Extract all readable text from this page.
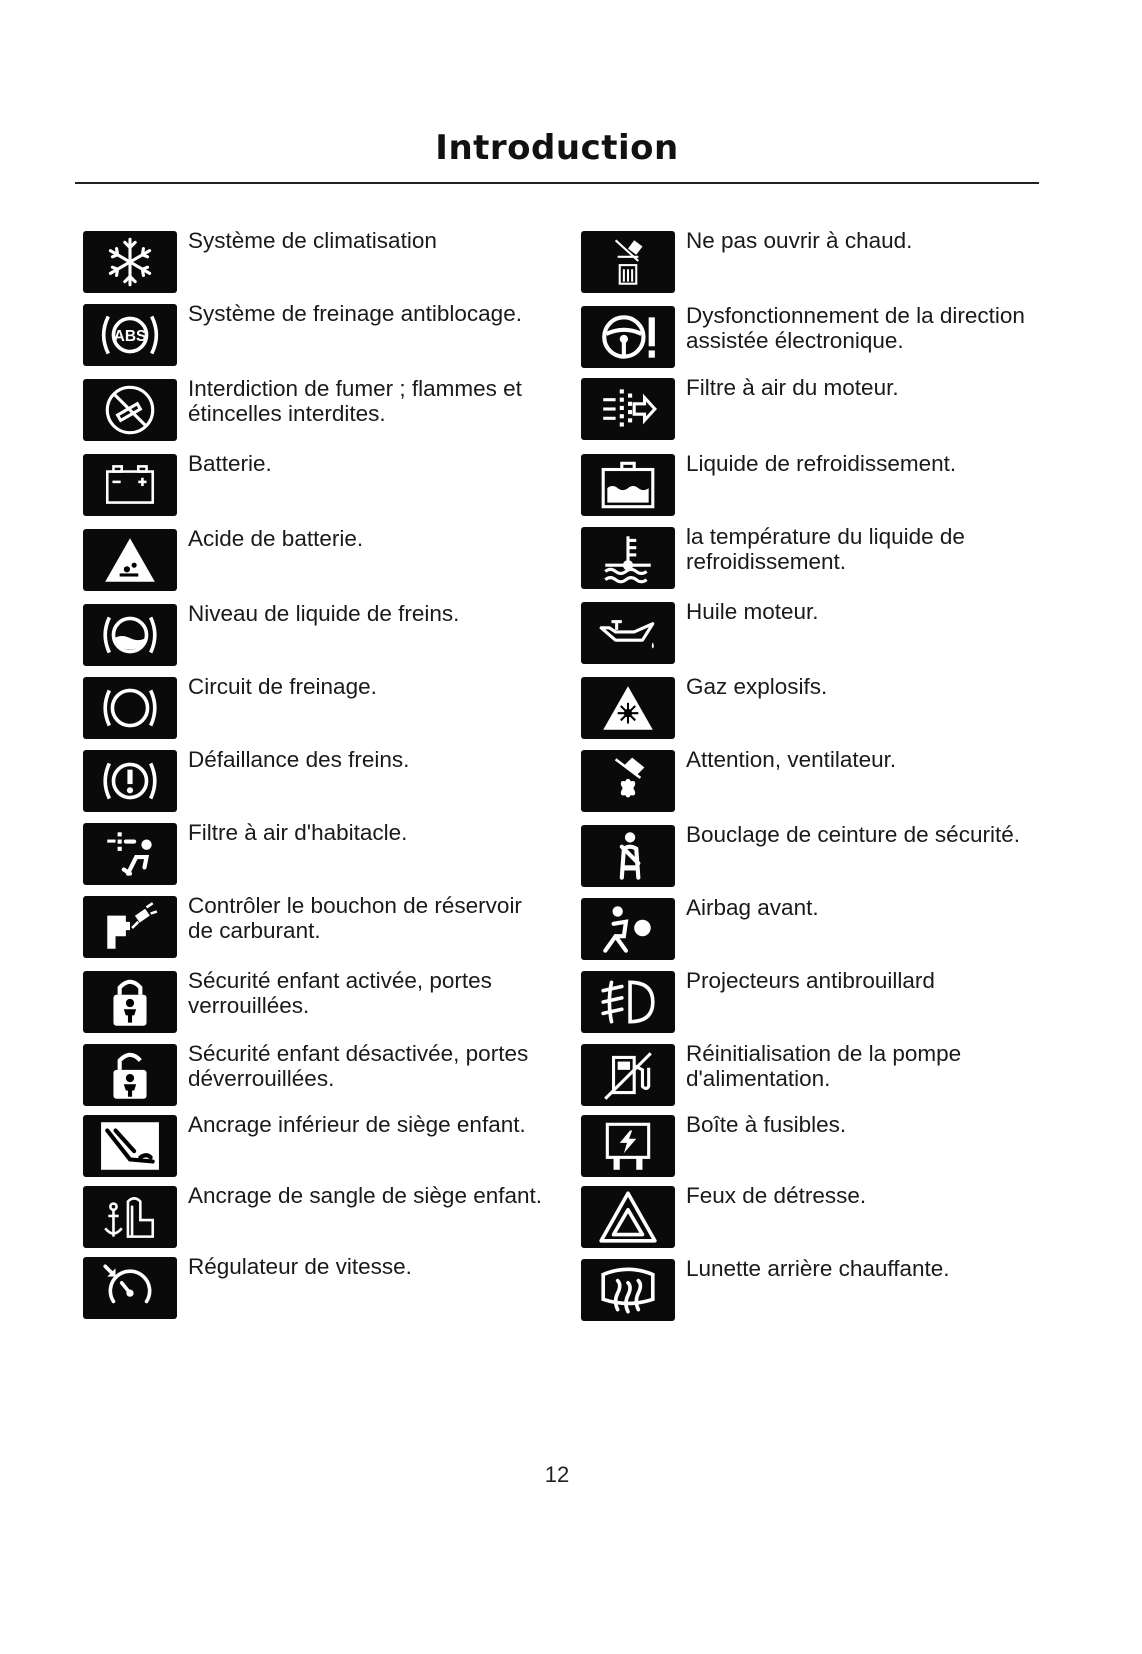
Introduction
Système de climatisation
ABS
Système de freinage antiblocage.
Interdiction de fumer ; flammes et étincelles interdites.
Batterie.
Acide de batterie.
Niveau de liquide de freins.
Circuit de freinage.
Défaillance des freins.
Filtre à air d'habitacle.
Contrôler le bouchon de réservoir de carburant.
Sécurité enfant activée, portes verrouillées.
Sécurité enfant désactivée, portes déverrouillées.
Ancrage inférieur de siège enfant.
Ancrage de sangle de siège enfant.
Régulateur de vitesse.
Ne pas ouvrir à chaud.
Dysfonctionnement de la direction assistée électronique.
Filtre à air du moteur.
Liquide de refroidissement.
la température du liquide de refroidissement.
Huile moteur.
Gaz explosifs.
Attention, ventilateur.
Bouclage de ceinture de sécurité.
Airbag avant.
Projecteurs antibrouillard
Réinitialisation de la pompe d'alimentation.
Boîte à fusibles.
Feux de détresse.
Lunette arrière chauffante.
12
